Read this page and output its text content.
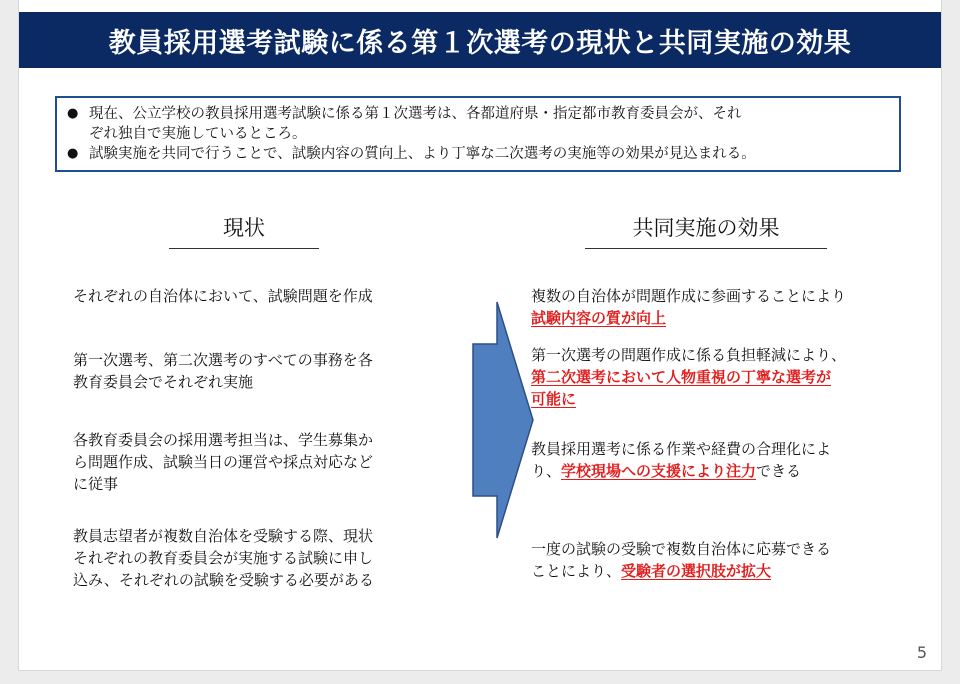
教員採用選考試験に係る第１次選考の現状と共同実施の効果
● 現在、公立学校の教員採用選考試験に係る第１次選考は、各都道府県・指定都市教育委員会が、それ
ぞれ独自で実施しているところ。
● 試験実施を共同で行うことで、試験内容の質向上、より丁寧な二次選考の実施等の効果が見込まれる。
現状	共同実施の効果
それぞれの自治体において、試験問題を作成
第一次選考、第二次選考のすべての事務を各
教育委員会でそれぞれ実施
各教育委員会の採用選考担当は、学生募集か
ら問題作成、試験当日の運営や採点対応など
に従事
教員志望者が複数自治体を受験する際、現状
それぞれの教育委員会が実施する試験に申し
込み、それぞれの試験を受験する必要がある
複数の自治体が問題作成に参画することにより
試験内容の質が向上
第一次選考の問題作成に係る負担軽減により、
第二次選考において人物重視の丁寧な選考が
可能に
教員採用選考に係る作業や経費の合理化によ
り、学校現場への支援により注力できる
一度の試験の受験で複数自治体に応募できる
ことにより、受験者の選択肢が拡大
5
